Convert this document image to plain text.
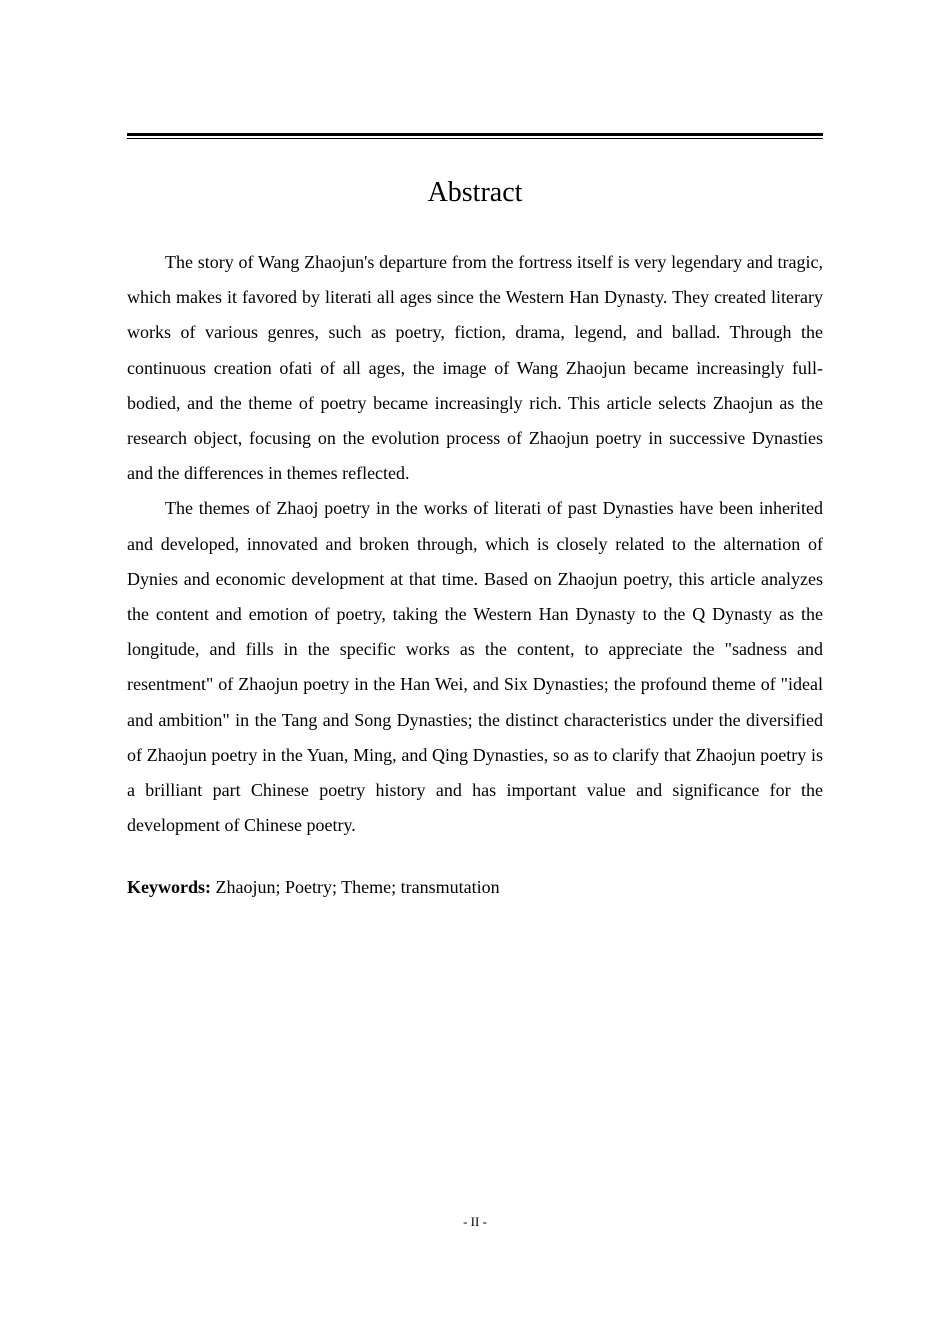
Abstract

The story of Wang Zhaojun's departure from the fortress itself is very legendary and tragic, which makes it favored by literati all ages since the Western Han Dynasty. They created literary works of various genres, such as poetry, fiction, drama, legend, and ballad. Through the continuous creation ofati of all ages, the image of Wang Zhaojun became increasingly full-bodied, and the theme of poetry became increasingly rich. This article selects Zhaojun as the research object, focusing on the evolution process of Zhaojun poetry in successive Dynasties and the differences in themes reflected.

The themes of Zhaoj poetry in the works of literati of past Dynasties have been inherited and developed, innovated and broken through, which is closely related to the alternation of Dynies and economic development at that time. Based on Zhaojun poetry, this article analyzes the content and emotion of poetry, taking the Western Han Dynasty to the Q Dynasty as the longitude, and fills in the specific works as the content, to appreciate the "sadness and resentment" of Zhaojun poetry in the Han Wei, and Six Dynasties; the profound theme of "ideal and ambition" in the Tang and Song Dynasties; the distinct characteristics under the diversified of Zhaojun poetry in the Yuan, Ming, and Qing Dynasties, so as to clarify that Zhaojun poetry is a brilliant part Chinese poetry history and has important value and significance for the development of Chinese poetry.

Keywords: Zhaojun; Poetry; Theme; transmutation

- II -
